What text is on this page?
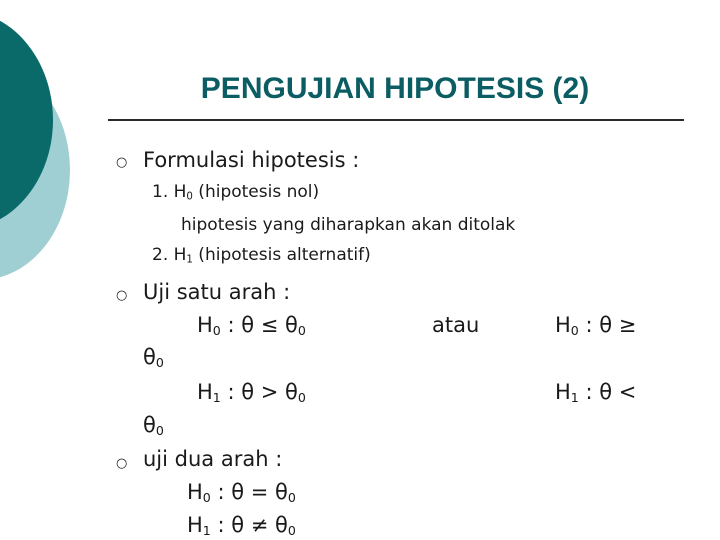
PENGUJIAN HIPOTESIS (2)
○ Formulasi hipotesis :
1. $H_0$ (hipotesis nol)
hipotesis yang diharapkan akan ditolak
2. $H_1$ (hipotesis alternatif)
○ Uji satu arah :
$H_0$ : $\theta \le \theta_0$	atau	$H_0$ : θ ≥
$\theta_0$
$H_1$ : $\theta > \theta_0$	$H_1$ : θ <
$\theta_0$
○ uji dua arah :
$H_0$ : $\theta = \theta_0$
$H_1$ : $\theta \ne \theta_0$
